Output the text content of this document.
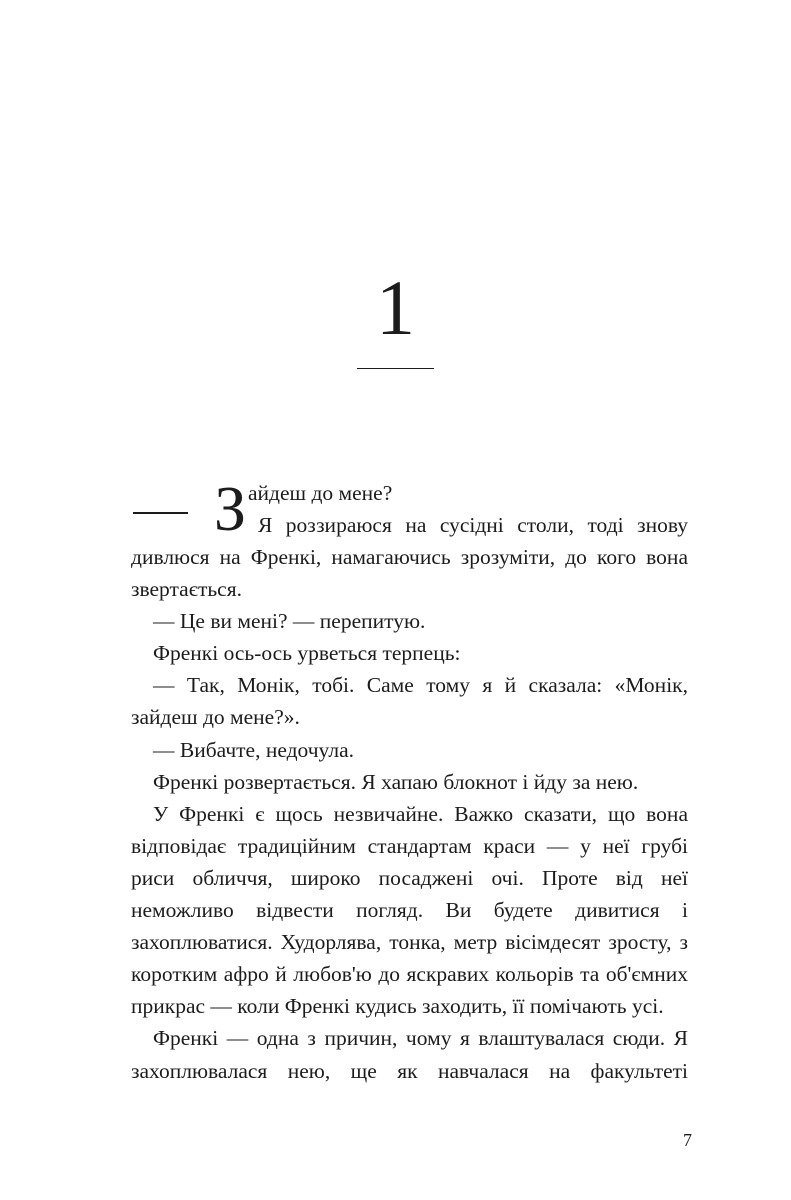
1
З айдеш до мене?
Я роззираюся на сусідні столи, тоді знову

дивлюся на Френкі, намагаючись зрозуміти, до кого вона звертається.

— Це ви мені? — перепитую.

Френкі ось-ось урветься терпець:

— Так, Монік, тобі. Саме тому я й сказала: «Монік, зайдеш до мене?».

— Вибачте, недочула.

Френкі розвертається. Я хапаю блокнот і йду за нею.

У Френкі є щось незвичайне. Важко сказати, що вона відповідає традиційним стандартам краси — у неї грубі риси обличчя, широко посаджені очі. Проте від неї неможливо відвести погляд. Ви будете дивитися і захоплюватися. Худорлява, тонка, метр вісімдесят зросту, з коротким афро й любов'ю до яскравих кольорів та об'ємних прикрас — коли Френкі кудись заходить, її помічають усі.

Френкі — одна з причин, чому я влаштувалася сюди. Я захоплювалася нею, ще як навчалася на факультеті

7
